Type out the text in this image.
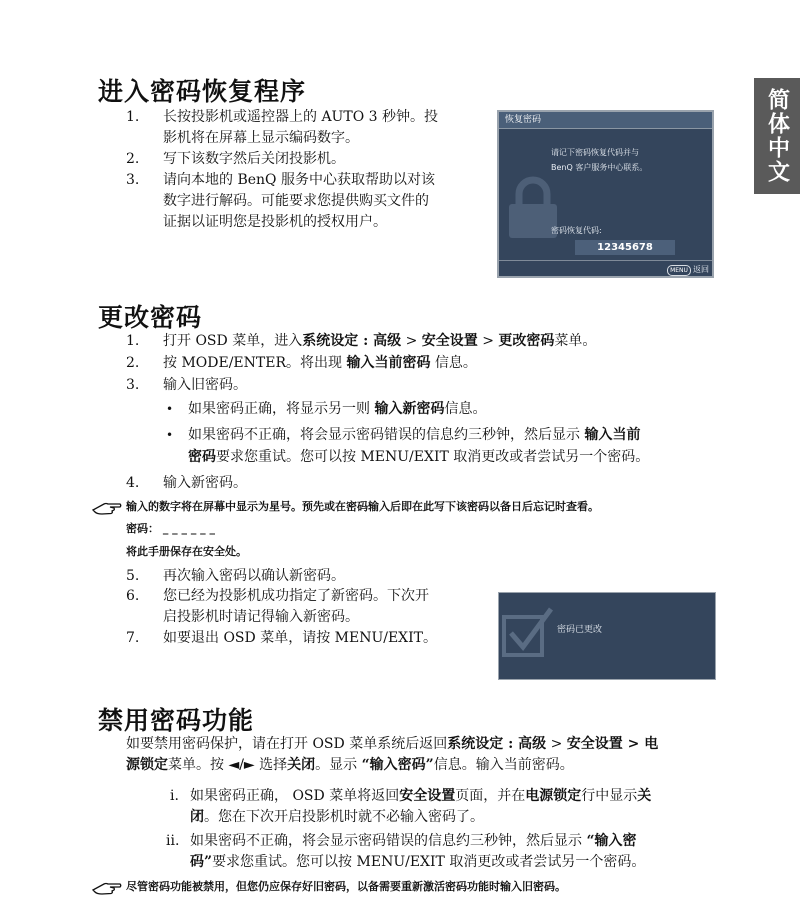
简体中文
进入密码恢复程序
1. 长按投影机或遥控器上的 AUTO 3 秒钟。投
影机将在屏幕上显示编码数字。
2. 写下该数字然后关闭投影机。
3. 请向本地的 BenQ 服务中心获取帮助以对该
数字进行解码。可能要求您提供购买文件的
证据以证明您是投影机的授权用户。
恢复密码
请记下密码恢复代码并与
BenQ 客户服务中心联系。
密码恢复代码:
12345678
MENU 返回
更改密码
1. 打开 OSD 菜单，进入系统设定 : 高级 > 安全设置 > 更改密码菜单。
2. 按 MODE/ENTER。将出现 输入当前密码 信息。
3. 输入旧密码。
• 如果密码正确，将显示另一则 输入新密码信息。
• 如果密码不正确，将会显示密码错误的信息约三秒钟，然后显示 输入当前
密码要求您重试。您可以按 MENU/EXIT 取消更改或者尝试另一个密码。
4. 输入新密码。
输入的数字将在屏幕中显示为星号。预先或在密码输入后即在此写下该密码以备日后忘记时查看。
密码： _ _ _ _ _ _
将此手册保存在安全处。
5. 再次输入密码以确认新密码。
6. 您已经为投影机成功指定了新密码。下次开
启投影机时请记得输入新密码。
7. 如要退出 OSD 菜单，请按 MENU/EXIT。	密码已更改
禁用密码功能
如要禁用密码保护，请在打开 OSD 菜单系统后返回系统设定 : 高级 > 安全设置 > 电
源锁定菜单。按 ◄/► 选择关闭。显示 “输入密码”信息。输入当前密码。
i. 如果密码正确， OSD 菜单将返回安全设置页面，并在电源锁定行中显示关
闭。您在下次开启投影机时就不必输入密码了。
ii. 如果密码不正确，将会显示密码错误的信息约三秒钟，然后显示 “输入密
码”要求您重试。您可以按 MENU/EXIT 取消更改或者尝试另一个密码。
尽管密码功能被禁用，但您仍应保存好旧密码，以备需要重新激活密码功能时输入旧密码。
